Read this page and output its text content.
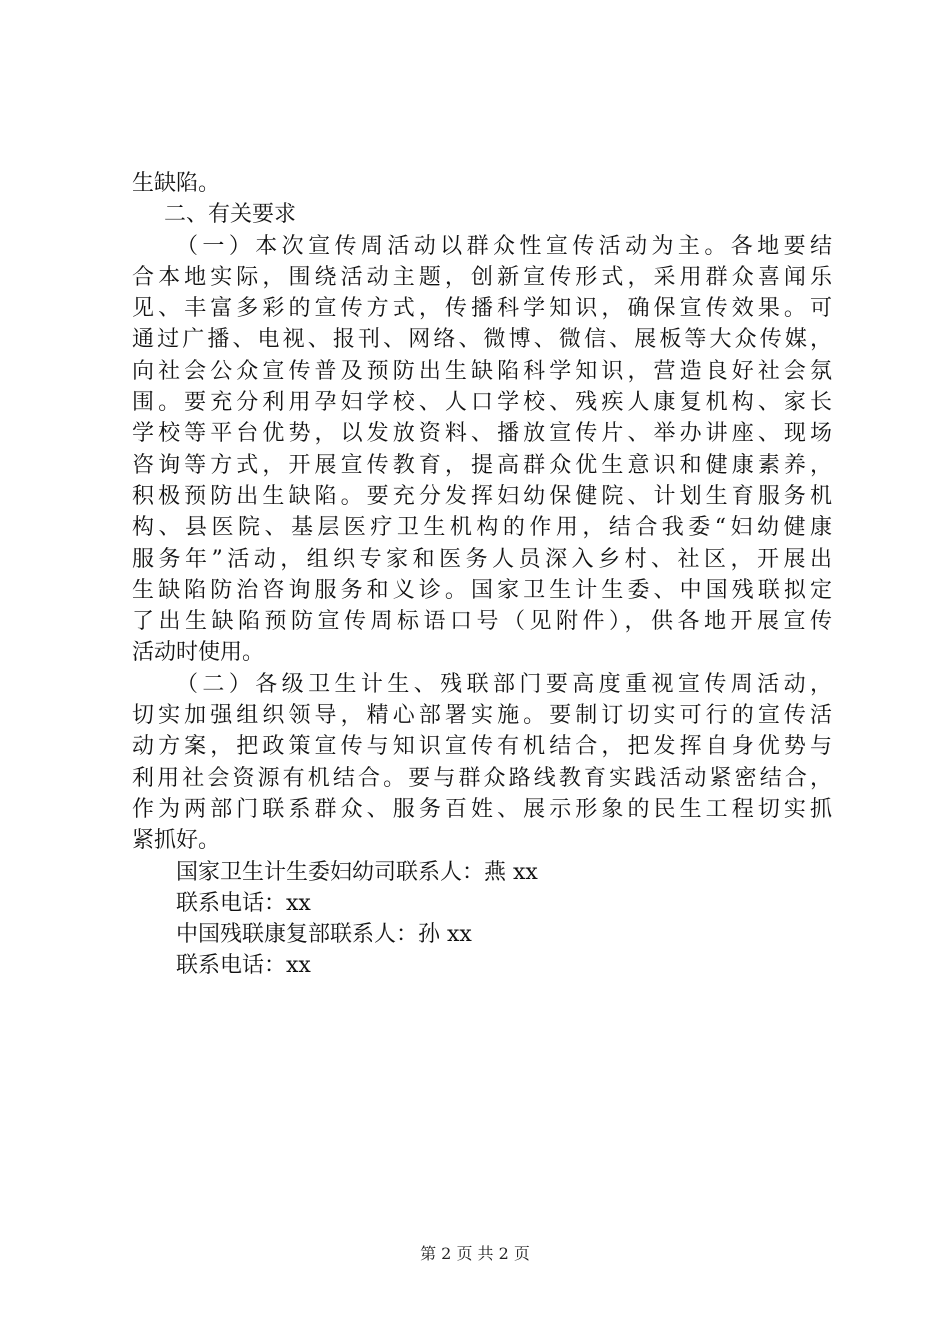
生缺陷。
二、有关要求
（一）本次宣传周活动以群众性宣传活动为主。各地要结
合本地实际，围绕活动主题，创新宣传形式，采用群众喜闻乐
见、丰富多彩的宣传方式，传播科学知识，确保宣传效果。可
通过广播、电视、报刊、网络、微博、微信、展板等大众传媒，
向社会公众宣传普及预防出生缺陷科学知识，营造良好社会氛
围。要充分利用孕妇学校、人口学校、残疾人康复机构、家长
学校等平台优势，以发放资料、播放宣传片、举办讲座、现场
咨询等方式，开展宣传教育，提高群众优生意识和健康素养，
积极预防出生缺陷。要充分发挥妇幼保健院、计划生育服务机
构、县医院、基层医疗卫生机构的作用，结合我委“妇幼健康
服务年”活动，组织专家和医务人员深入乡村、社区，开展出
生缺陷防治咨询服务和义诊。国家卫生计生委、中国残联拟定
了出生缺陷预防宣传周标语口号（见附件），供各地开展宣传
活动时使用。
（二）各级卫生计生、残联部门要高度重视宣传周活动，
切实加强组织领导，精心部署实施。要制订切实可行的宣传活
动方案，把政策宣传与知识宣传有机结合，把发挥自身优势与
利用社会资源有机结合。要与群众路线教育实践活动紧密结合，
作为两部门联系群众、服务百姓、展示形象的民生工程切实抓
紧抓好。
国家卫生计生委妇幼司联系人：燕 xx
联系电话：xx
中国残联康复部联系人：孙 xx
联系电话：xx
第 2 页 共 2 页
